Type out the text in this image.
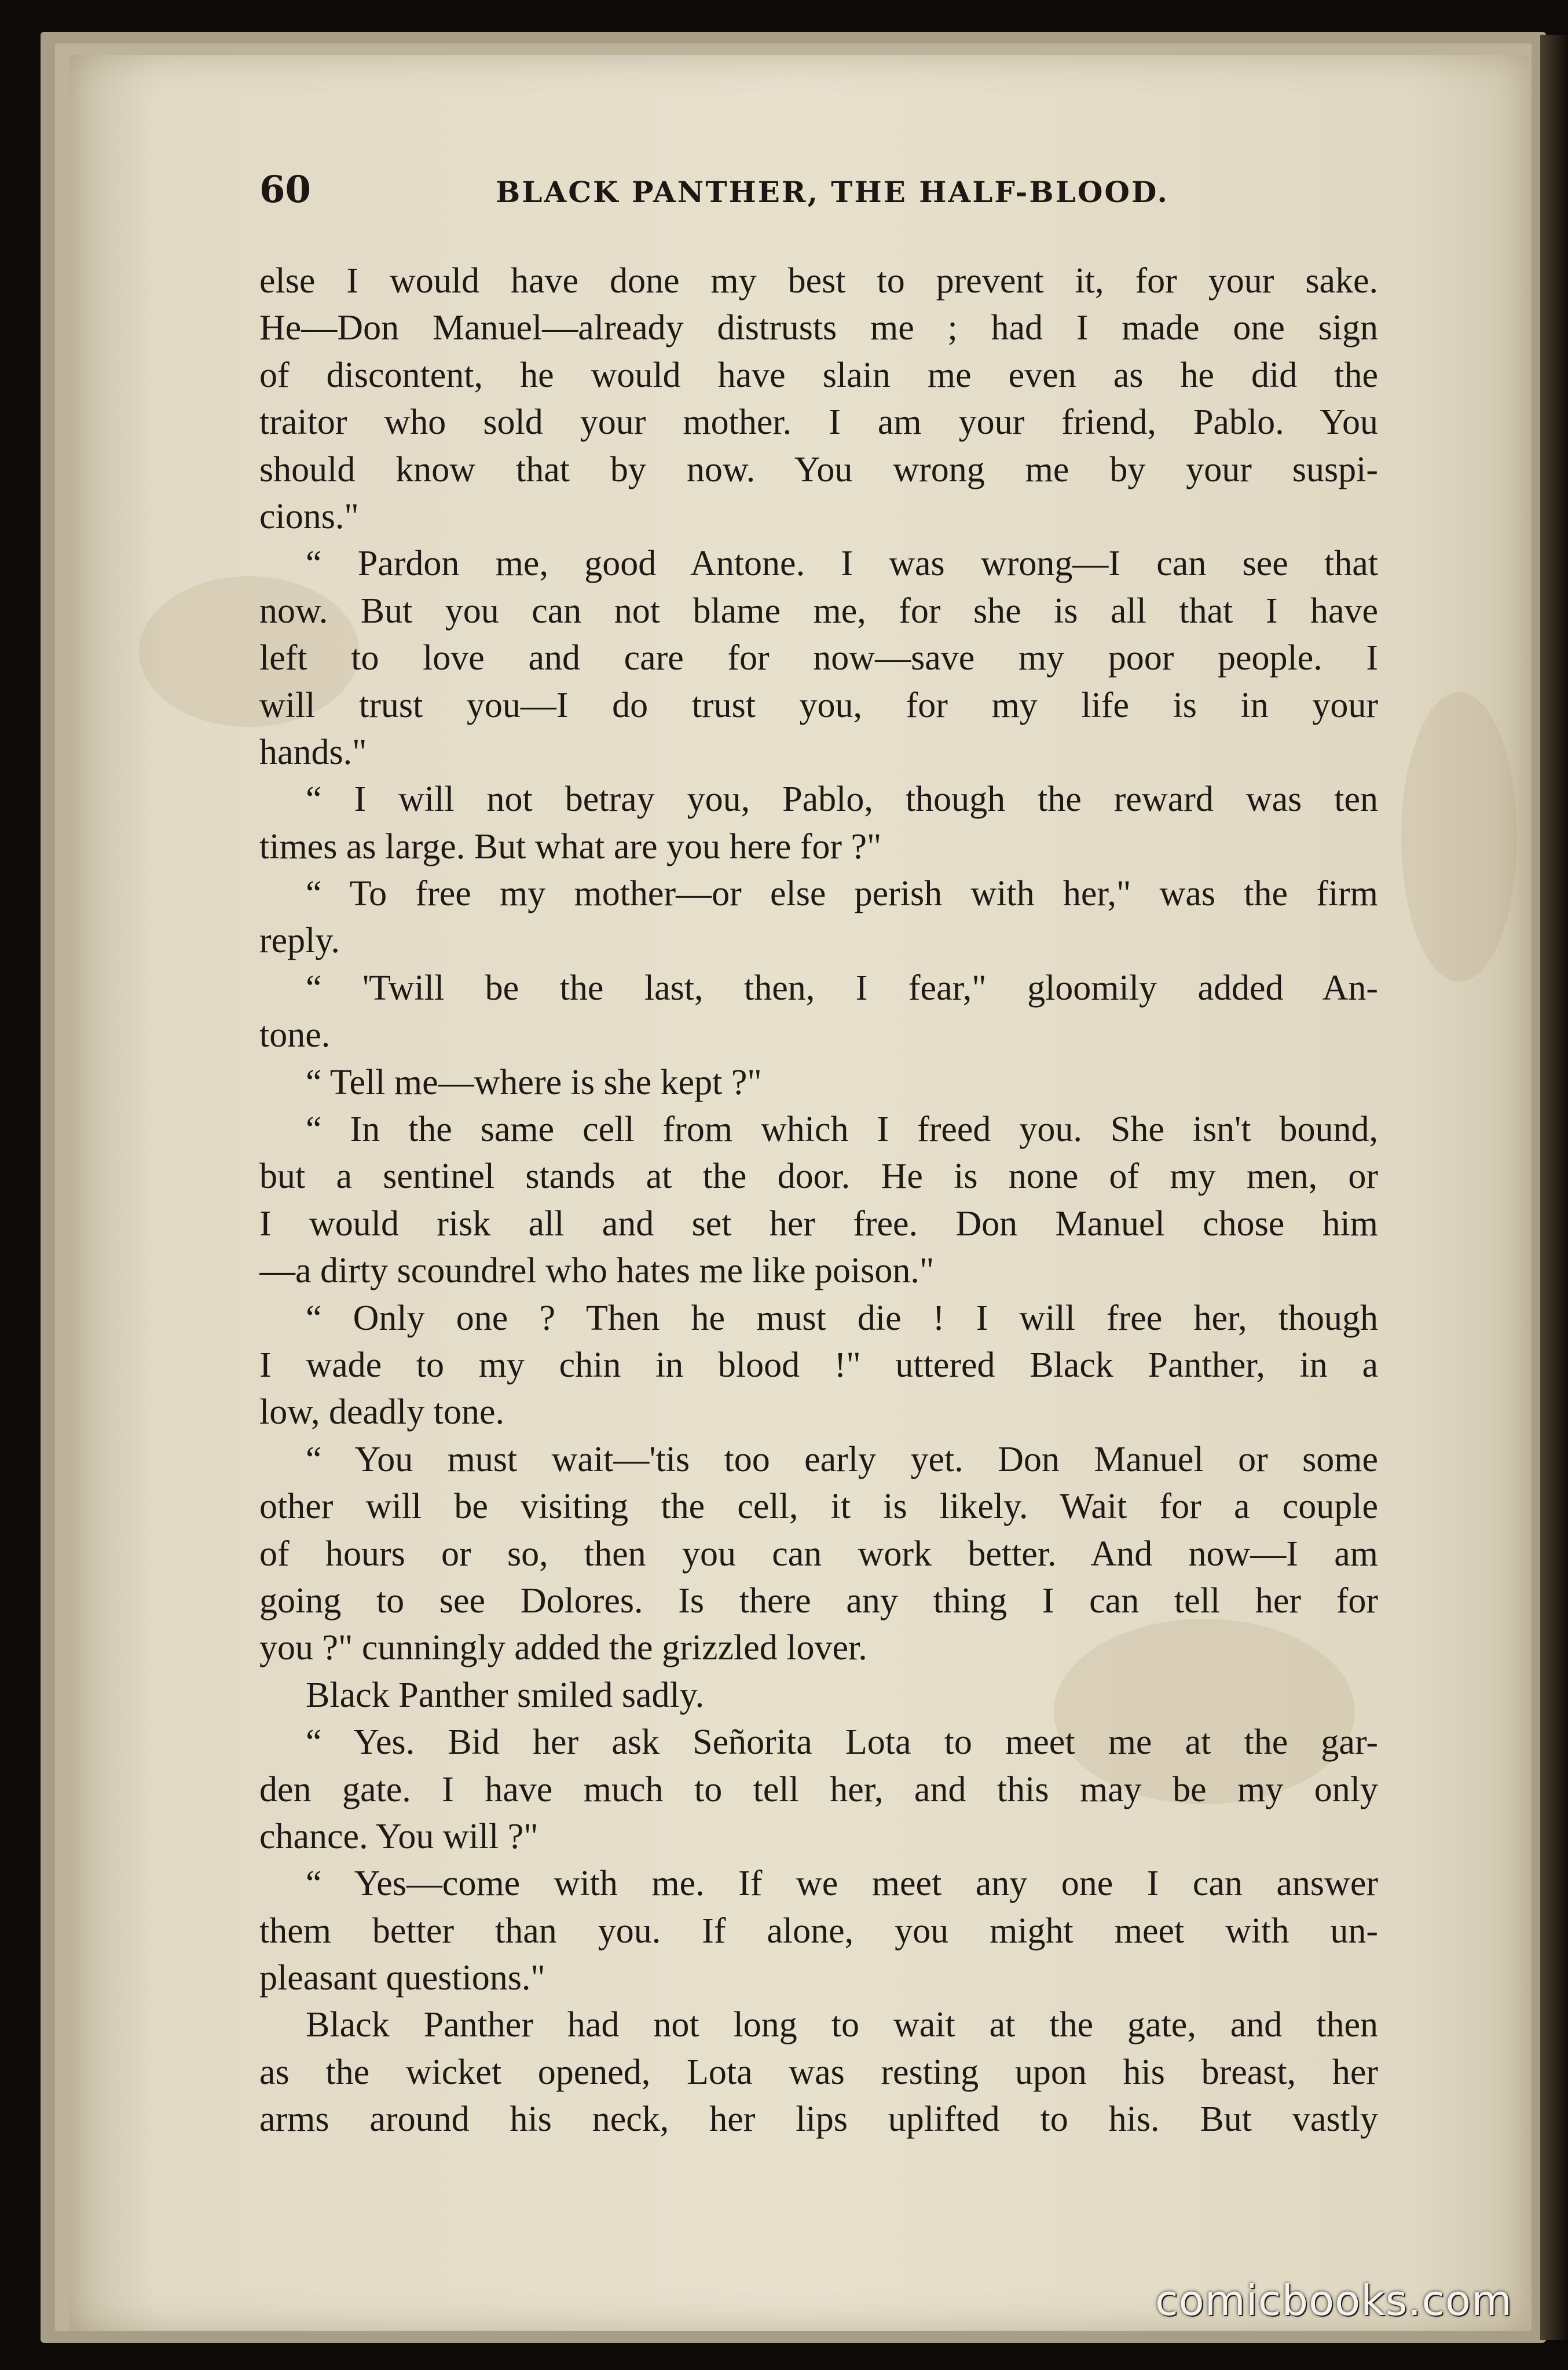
60	BLACK PANTHER, THE HALF-BLOOD.
else I would have done my best to prevent it, for your sake.
He—Don Manuel—already distrusts me ; had I made one sign
of discontent, he would have slain me even as he did the
traitor who sold your mother. I am your friend, Pablo. You
should know that by now. You wrong me by your suspi-
cions."
“ Pardon me, good Antone. I was wrong—I can see that
now. But you can not blame me, for she is all that I have
left to love and care for now—save my poor people. I
will trust you—I do trust you, for my life is in your
hands."
“ I will not betray you, Pablo, though the reward was ten
times as large. But what are you here for ?"
“ To free my mother—or else perish with her," was the firm
reply.
“ 'Twill be the last, then, I fear," gloomily added An-
tone.
“ Tell me—where is she kept ?"
“ In the same cell from which I freed you. She isn't bound,
but a sentinel stands at the door. He is none of my men, or
I would risk all and set her free. Don Manuel chose him
—a dirty scoundrel who hates me like poison."
“ Only one ? Then he must die ! I will free her, though
I wade to my chin in blood !" uttered Black Panther, in a
low, deadly tone.
“ You must wait—'tis too early yet. Don Manuel or some
other will be visiting the cell, it is likely. Wait for a couple
of hours or so, then you can work better. And now—I am
going to see Dolores. Is there any thing I can tell her for
you ?" cunningly added the grizzled lover.
Black Panther smiled sadly.
“ Yes. Bid her ask Señorita Lota to meet me at the gar-
den gate. I have much to tell her, and this may be my only
chance. You will ?"
“ Yes—come with me. If we meet any one I can answer
them better than you. If alone, you might meet with un-
pleasant questions."
Black Panther had not long to wait at the gate, and then
as the wicket opened, Lota was resting upon his breast, her
arms around his neck, her lips uplifted to his. But vastly
comicbooks.com
